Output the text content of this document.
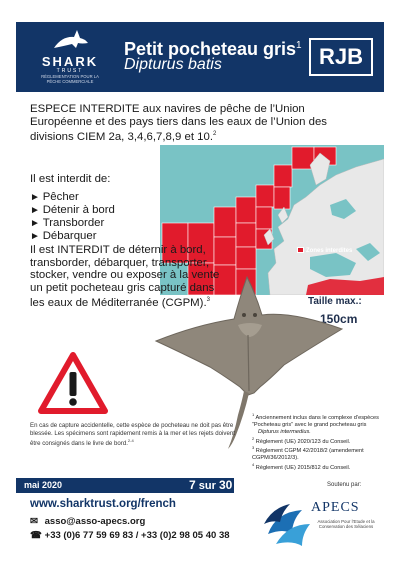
SHARK
TRUST
RÉGLEMENTATION POUR LA
PÊCHE COMMERCIALE
Petit pocheteau gris$^1$
Dipturus batis	RJB
Zones interdites
ESPECE INTERDITE aux navires de pêche de l’Union Européenne et des pays tiers dans les eaux de l’Union des divisions CIEM 2a, 3,4,6,7,8,9 et 10.$^2$
Il est interdit de:
► Pêcher
► Détenir à bord
► Transborder
► Débarquer
Il est INTERDIT de déternir à bord, transborder, débarquer, transporter, stocker, vendre ou exposer à la vente un petit pocheteau gris capturé dans les eaux de Méditerranée (CGPM).$^3$	Taille max.:
150cm
En cas de capture accidentelle, cette espèce de pocheteau ne doit pas être blessée. Les spécimens sont rapidement remis à la mer et les rejets doivent être consignés dans le livre de bord.$^{2-4}$
$^1$ Anciennement inclus dans le complexe d’espèces “Pocheteau gris” avec le grand pocheteau gris
Dipturus intermedius.
$^2$ Règlement (UE) 2020/123 du Conseil.
$^3$ Règlement CGPM 42/2018/2 (amendement CGPM/36/2012/3).
$^4$ Règlement (UE) 2015/812 du Conseil.
mai 2020	7 sur 30
www.sharktrust.org/french
✉ asso@asso-apecs.org
☎ +33 (0)6 77 59 69 83 / +33 (0)2 98 05 40 38
Soutenu par:
APECS
Association Pour l’Etude et la Conservation des Sélaciens
